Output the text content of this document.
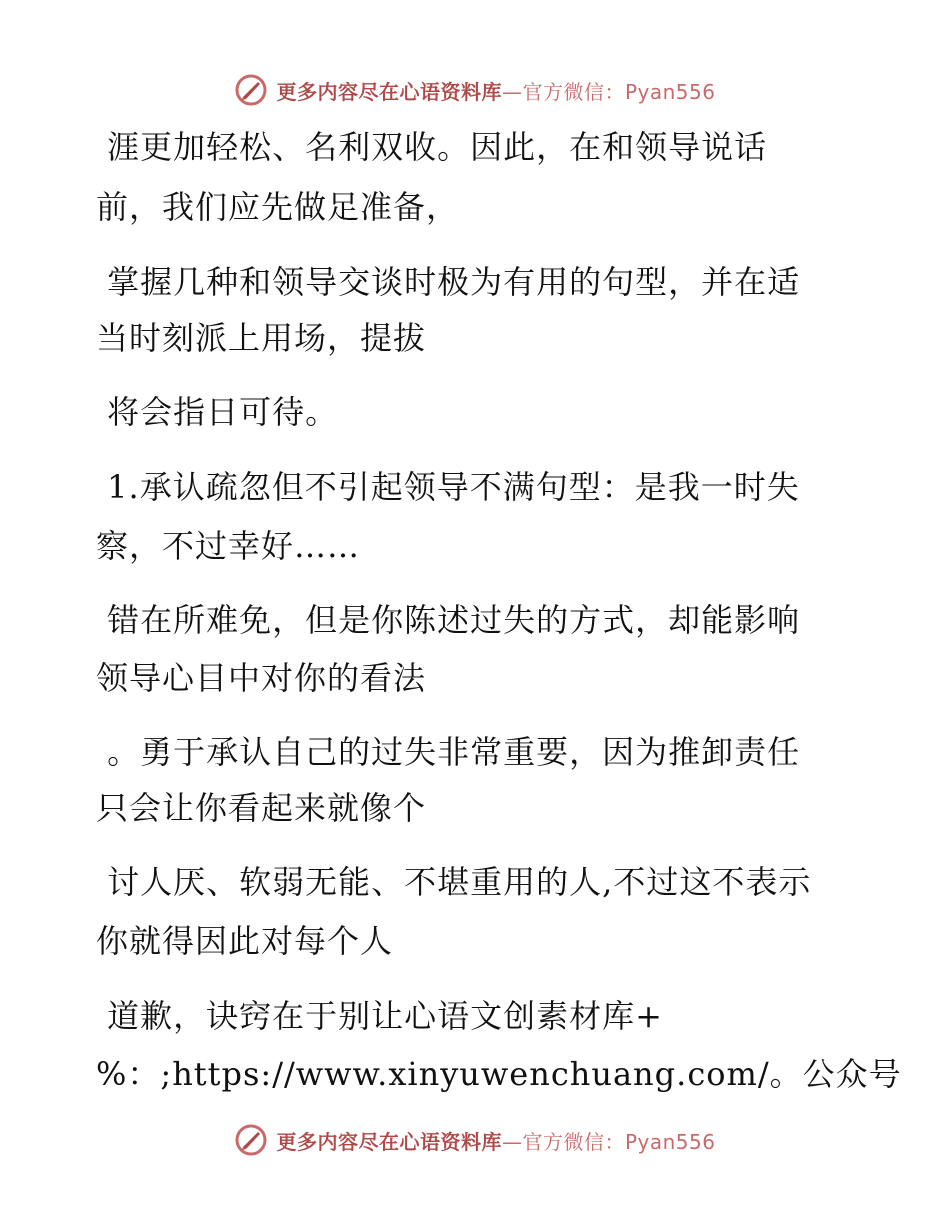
更多内容尽在心语资料库—官方微信：Pyan556
涯更加轻松、名利双收。因此，在和领导说话
前，我们应先做足准备，
掌握几种和领导交谈时极为有用的句型，并在适
当时刻派上用场，提拔
将会指日可待。
1.承认疏忽但不引起领导不满句型：是我一时失
察，不过幸好……
错在所难免，但是你陈述过失的方式，却能影响
领导心目中对你的看法
。勇于承认自己的过失非常重要，因为推卸责任
只会让你看起来就像个
讨人厌、软弱无能、不堪重用的人,不过这不表示
你就得因此对每个人
道歉，诀窍在于别让心语文创素材库+
%：;https://www.xinyuwenchuang.com/。公众号
更多内容尽在心语资料库—官方微信：Pyan556
